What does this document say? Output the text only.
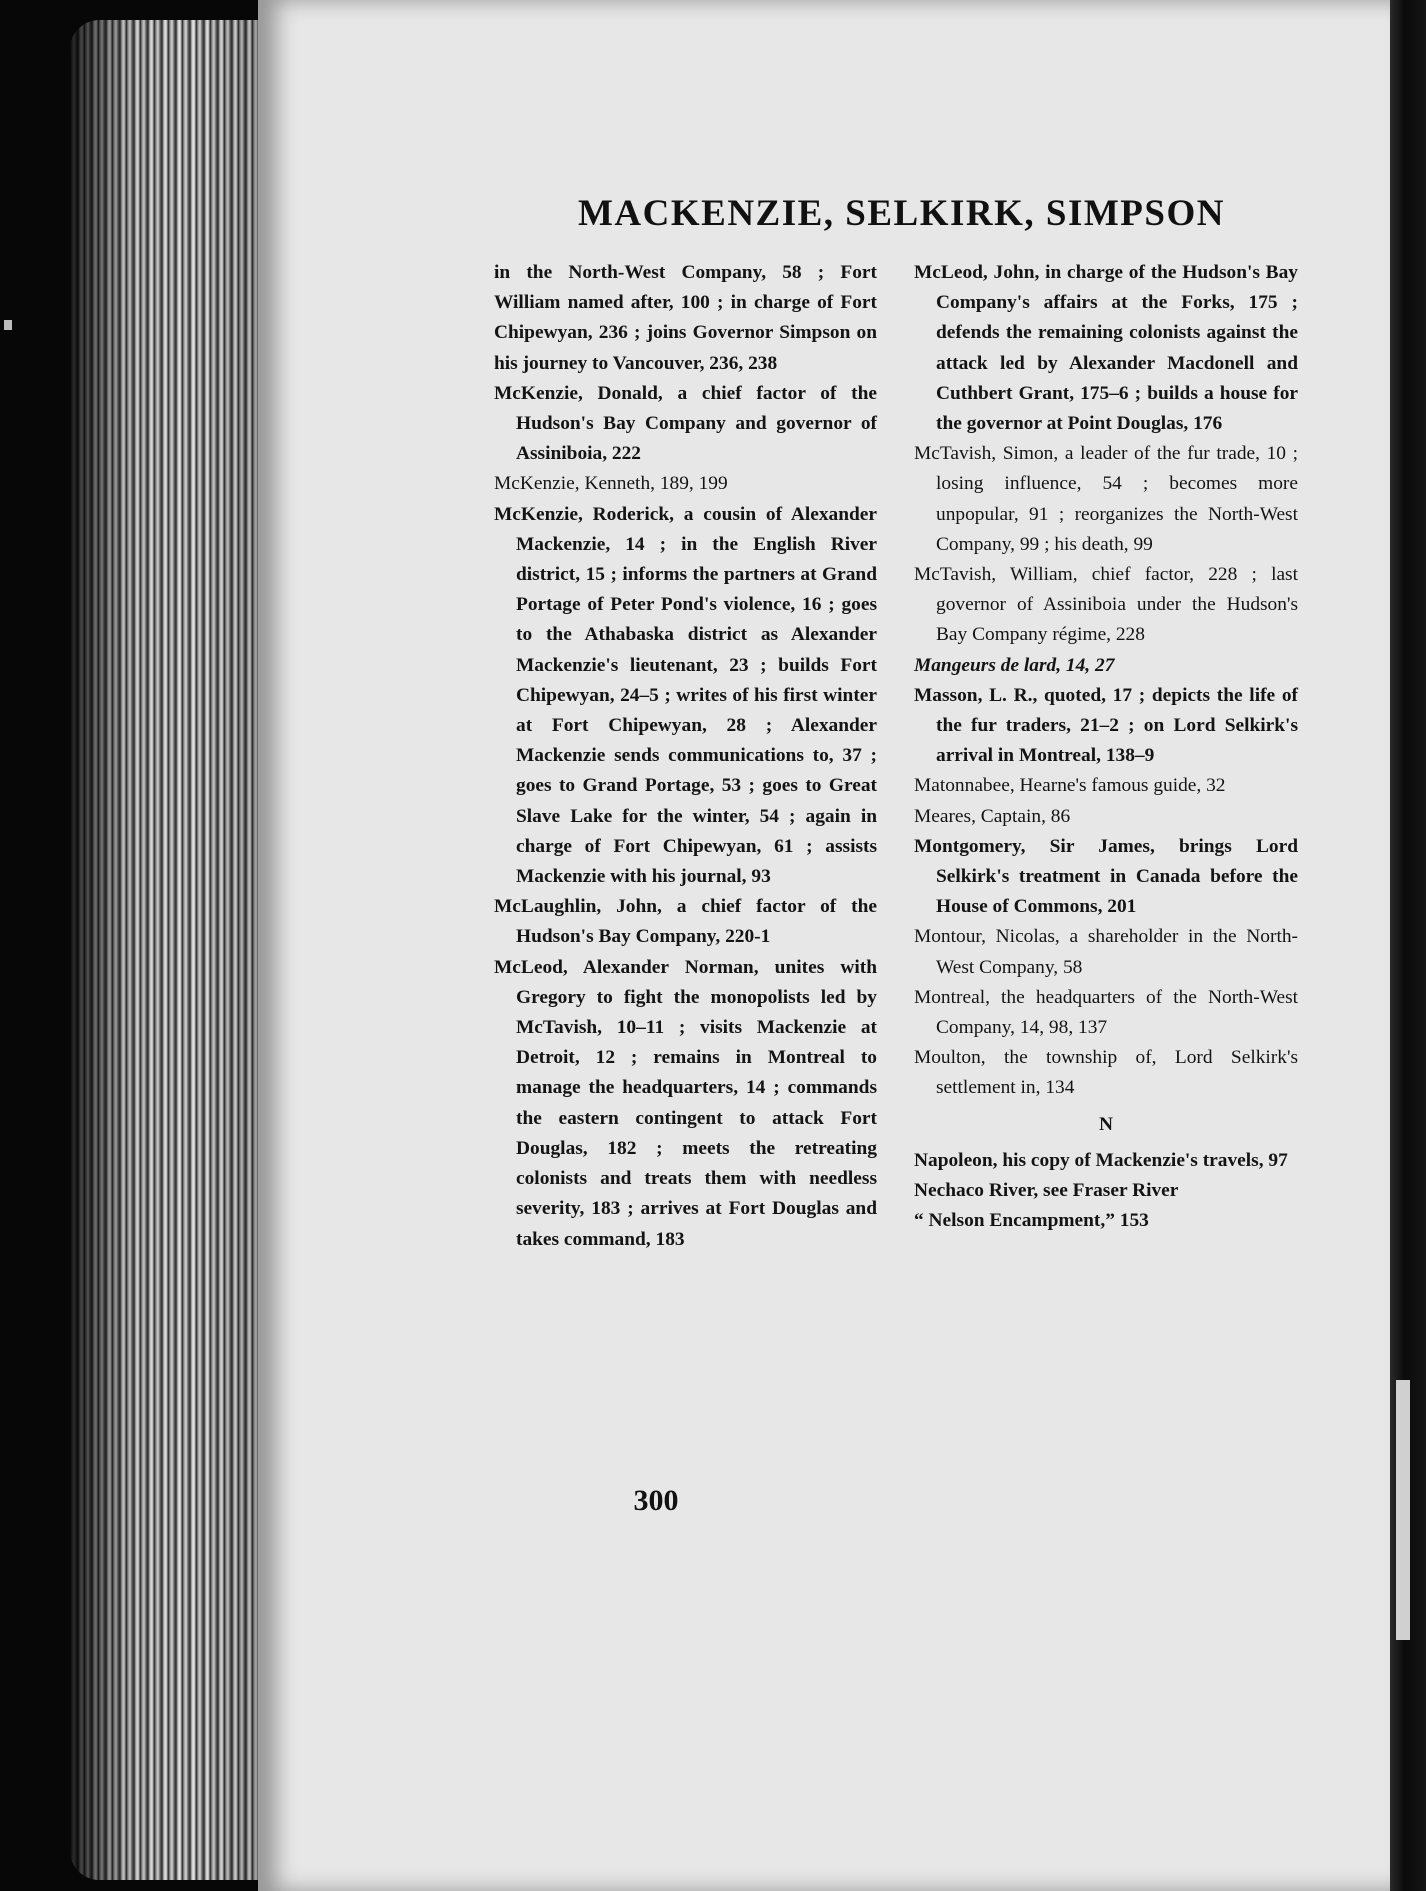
MACKENZIE, SELKIRK, SIMPSON

in the North-West Company, 58 ; Fort William named after, 100 ; in charge of Fort Chipewyan, 236 ; joins Governor Simpson on his journey to Vancouver, 236, 238

McKenzie, Donald, a chief factor of the Hudson's Bay Company and governor of Assiniboia, 222

McKenzie, Kenneth, 189, 199

McKenzie, Roderick, a cousin of Alexander Mackenzie, 14 ; in the English River district, 15 ; informs the partners at Grand Portage of Peter Pond's violence, 16 ; goes to the Athabaska district as Alexander Mackenzie's lieutenant, 23 ; builds Fort Chipewyan, 24–5 ; writes of his first winter at Fort Chipewyan, 28 ; Alexander Mackenzie sends communications to, 37 ; goes to Grand Portage, 53 ; goes to Great Slave Lake for the winter, 54 ; again in charge of Fort Chipewyan, 61 ; assists Mackenzie with his journal, 93

McLaughlin, John, a chief factor of the Hudson's Bay Company, 220-1

McLeod, Alexander Norman, unites with Gregory to fight the monopolists led by McTavish, 10–11 ; visits Mackenzie at Detroit, 12 ; remains in Montreal to manage the headquarters, 14 ; commands the eastern contingent to attack Fort Douglas, 182 ; meets the retreating colonists and treats them with needless severity, 183 ; arrives at Fort Douglas and takes command, 183

McLeod, John, in charge of the Hudson's Bay Company's affairs at the Forks, 175 ; defends the remaining colonists against the attack led by Alexander Macdonell and Cuthbert Grant, 175–6 ; builds a house for the governor at Point Douglas, 176

McTavish, Simon, a leader of the fur trade, 10 ; losing influence, 54 ; becomes more unpopular, 91 ; reorganizes the North-West Company, 99 ; his death, 99

McTavish, William, chief factor, 228 ; last governor of Assiniboia under the Hudson's Bay Company régime, 228

Mangeurs de lard, 14, 27

Masson, L. R., quoted, 17 ; depicts the life of the fur traders, 21–2 ; on Lord Selkirk's arrival in Montreal, 138–9

Matonnabee, Hearne's famous guide, 32

Meares, Captain, 86

Montgomery, Sir James, brings Lord Selkirk's treatment in Canada before the House of Commons, 201

Montour, Nicolas, a shareholder in the North-West Company, 58

Montreal, the headquarters of the North-West Company, 14, 98, 137

Moulton, the township of, Lord Selkirk's settlement in, 134

N

Napoleon, his copy of Mackenzie's travels, 97

Nechaco River, see Fraser River

“ Nelson Encampment,” 153

300
